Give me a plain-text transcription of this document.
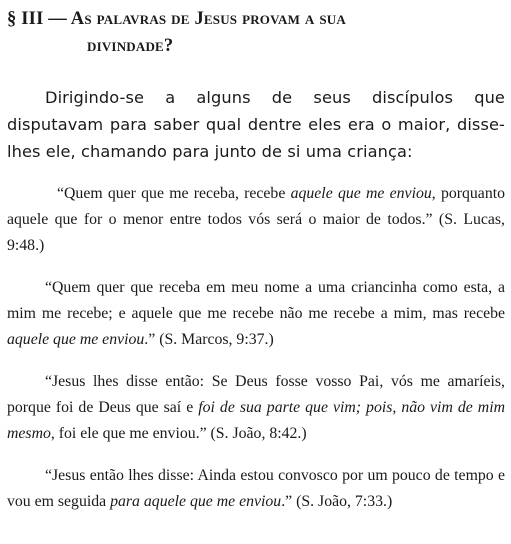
§ III — As palavras de Jesus provam a sua
divindade?

Dirigindo-se a alguns de seus discípulos que disputavam para saber qual dentre eles era o maior, disse-lhes ele, chamando para junto de si uma criança:

“Quem quer que me receba, recebe aquele que me enviou, porquanto aquele que for o menor entre todos vós será o maior de todos.” (S. Lucas, 9:48.)

“Quem quer que receba em meu nome a uma criancinha como esta, a mim me recebe; e aquele que me recebe não me recebe a mim, mas recebe aquele que me enviou.” (S. Marcos, 9:37.)

“Jesus lhes disse então: Se Deus fosse vosso Pai, vós me amaríeis, porque foi de Deus que saí e foi de sua parte que vim; pois, não vim de mim mesmo, foi ele que me enviou.” (S. João, 8:42.)

“Jesus então lhes disse: Ainda estou convosco por um pouco de tempo e vou em seguida para aquele que me enviou.” (S. João, 7:33.)
